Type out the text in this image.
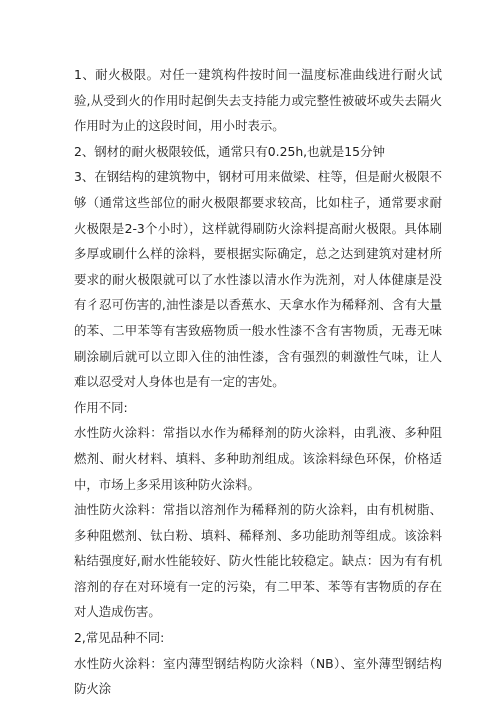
1、耐火极限。对任一建筑构件按时间一温度标准曲线进行耐火试验,从受到火的作用时起倒失去支持能力或完整性被破坏或失去隔火作用时为止的这段时间，用小时表示。

2、钢材的耐火极限较低，通常只有0.25h,也就是15分钟

3、在钢结构的建筑物中，钢材可用来做梁、柱等，但是耐火极限不够（通常这些部位的耐火极限都要求较高，比如柱子，通常要求耐火极限是2-3个小时），这样就得刷防火涂料提高耐火极限。具体刷多厚或刷什么样的涂料，要根据实际确定，总之达到建筑对建材所要求的耐火极限就可以了水性漆以清水作为洗剂，对人体健康是没有彳忍可伤害的,油性漆是以香蕉水、天拿水作为稀释剂、含有大量的苯、二甲苯等有害致癌物质一般水性漆不含有害物质，无毒无味刷涂刷后就可以立即入住的油性漆，含有强烈的刺激性气味，让人难以忍受对人身体也是有一定的害处。

作用不同:

水性防火涂料：常指以水作为稀释剂的防火涂料，由乳液、多种阻燃剂、耐火材料、填料、多种助剂组成。该涂料绿色环保，价格适中，市场上多采用该种防火涂料。

油性防火涂料：常指以溶剂作为稀释剂的防火涂料，由有机树脂、多种阻燃剂、钛白粉、填料、稀释剂、多功能助剂等组成。该涂料粘结强度好,耐水性能较好、防火性能比较稳定。缺点：因为有有机溶剂的存在对环境有一定的污染，有二甲苯、苯等有害物质的存在对人造成伤害。

2,常见品种不同:

水性防火涂料：室内薄型钢结构防火涂料（NB）、室外薄型钢结构防火涂
